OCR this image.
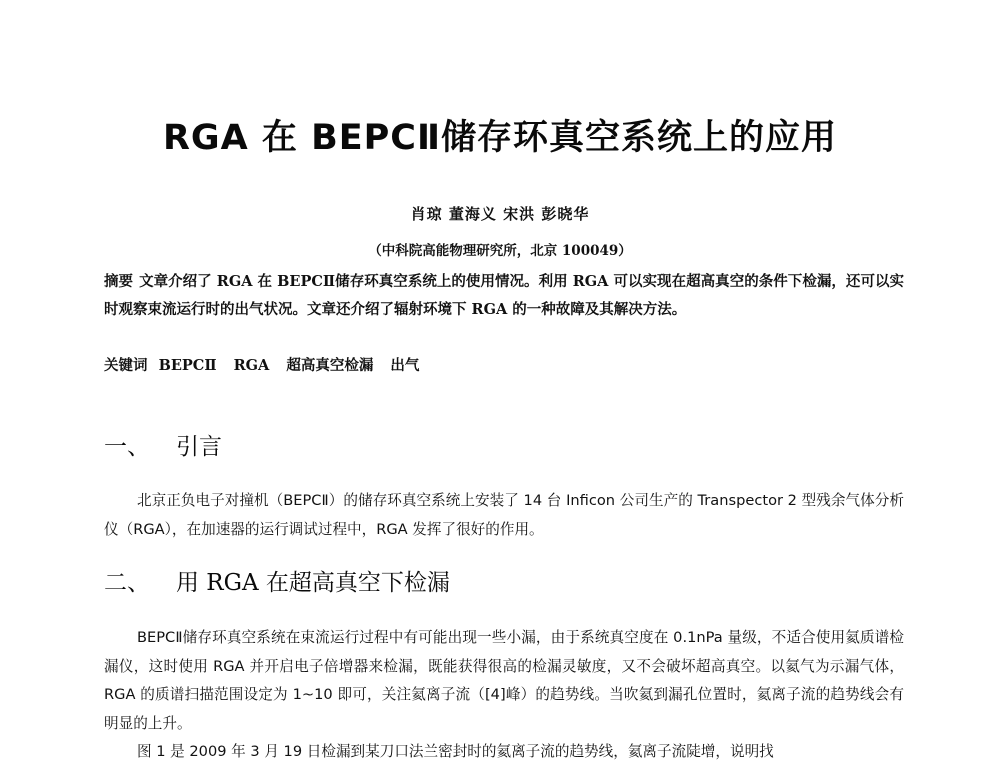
RGA 在 BEPCⅡ储存环真空系统上的应用
肖琼 董海义 宋洪 彭晓华
（中科院高能物理研究所，北京 100049）
摘要 文章介绍了 RGA 在 BEPCⅡ储存环真空系统上的使用情况。利用 RGA 可以实现在超高真空的条件下检漏，还可以实时观察束流运行时的出气状况。文章还介绍了辐射环境下 RGA 的一种故障及其解决方法。
关键词 BEPCⅡ RGA 超高真空检漏 出气
一、 引言
北京正负电子对撞机（BEPCⅡ）的储存环真空系统上安装了 14 台 Inficon 公司生产的 Transpector 2 型残余气体分析仪（RGA），在加速器的运行调试过程中，RGA 发挥了很好的作用。
二、 用 RGA 在超高真空下检漏
BEPCⅡ储存环真空系统在束流运行过程中有可能出现一些小漏，由于系统真空度在 0.1nPa 量级，不适合使用氦质谱检漏仪，这时使用 RGA 并开启电子倍增器来检漏，既能获得很高的检漏灵敏度，又不会破坏超高真空。以氦气为示漏气体，RGA 的质谱扫描范围设定为 1~10 即可，关注氦离子流（[4]峰）的趋势线。当吹氦到漏孔位置时，氦离子流的趋势线会有明显的上升。
图 1 是 2009 年 3 月 19 日检漏到某刀口法兰密封时的氦离子流的趋势线，氦离子流陡增，说明找
